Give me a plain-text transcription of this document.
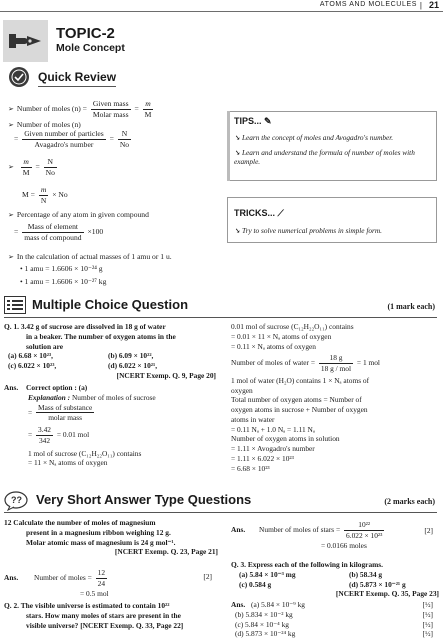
ATOMS AND MOLECULES | 21
TOPIC-2
Mole Concept
Quick Review
➢ Number of moles $(n) = \frac{\text{Given mass}}{\text{Molar mass}} = \frac{m}{M}$
➢ Number of moles (n)
= $\frac{\text{Given number of particles}}{\text{Avagadro's number}} = \frac{N}{No}$
➢ $\frac{m}{M} = \frac{N}{No}$
$M = \frac{m}{N} \times No$
➢ Percentage of any atom in given compound
= $\frac{\text{Mass of element}}{\text{mass of compound}} \times 100$
➢ In the calculation of actual masses of 1 amu or 1 u.
• 1 amu = 1.6606 × 10⁻²⁴ g
• 1 amu = 1.6606 × 10⁻²⁷ kg
TIPS... ✎
➘ Learn the concept of moles and Avogadro's number.
➘ Learn and understand the formula of number of moles with example.
TRICKS... ⟋
➘ Try to solve numerical problems in simple form.
Multiple Choice Question	(1 mark each)
Q. 1. 3.42 g of sucrose are dissolved in 18 g of water
in a beaker. The number of oxygen atoms in the
solution are
(a) 6.68 × 10²³,	(b) 6.09 × 10²²,
(c) 6.022 × 10²³,	(d) 6.022 × 10²¹,
[NCERT Exemp. Q. 9, Page 20]
Ans. Correct option : (a)
Explanation : Number of moles of sucrose
= $\frac{\text{Mass of substance}}{\text{molar mass}}$
= $\frac{3.42}{342} = 0.01$ mol
1 mol of sucrose (C₁₂H₂₂O₁₁) contains
= 11 × Nₐ atoms of oxygen
0.01 mol of sucrose (C₁₂H₂₂O₁₁) contains
= 0.01 × 11 × Nₐ atoms of oxygen
= 0.11 × Nₐ atoms of oxygen
Number of moles of water = $\frac{18 g}{\text{18 g / mol}} = 1$ mol
1 mol of water (H₂O) contains 1 × Nₐ atoms of
oxygen
Total number of oxygen atoms = Number of
oxygen atoms in sucrose + Number of oxygen
atoms in water
= 0.11 Nₐ + 1.0 Nₐ = 1.11 Nₐ
Number of oxygen atoms in solution
= 1.11 × Avogadro's number
= 1.11 × 6.022 × 10²³
= 6.68 × 10²³
?? Very Short Answer Type Questions	(2 marks each)
12 Calculate the number of moles of magnesium
present in a magnesium ribbon weighing 12 g.
Molar atomic mass of magnesium is 24 g mol⁻¹.
[NCERT Exemp. Q. 23, Page 21]
Ans. Number of moles = $\frac{12}{24}$	[2]
= 0.5 mol
Q. 2. The visible universe is estimated to contain 10²²
stars. How many moles of stars are present in the
visible universe? [NCERT Exemp. Q. 33, Page 22]
Ans. Number of moles of stars = $\frac{\text{10²²}}{\text{6.022 × 10²³}}$	[2]
= 0.0166 moles
Q. 3. Express each of the following in kilograms.
(a) 5.84 × 10⁻³ mg	(b) 58.34 g
(c) 0.584 g	(d) 5.873 × 10⁻²¹ g
[NCERT Exemp. Q. 35, Page 23]
Ans. (a) 5.84 × 10⁻⁹ kg	[½]
(b) 5.834 × 10⁻² kg	[½]
(c) 5.84 × 10⁻⁴ kg	[½]
(d) 5.873 × 10⁻²⁴ kg	[½]
